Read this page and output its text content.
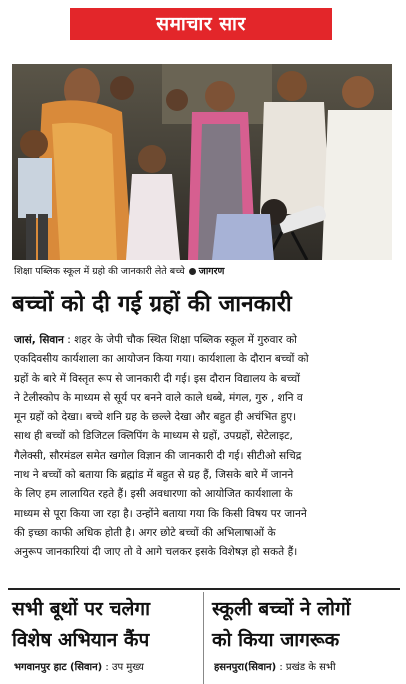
समाचार सार
शिक्षा पब्लिक स्कूल में ग्रहो की जानकारी लेते बच्चे जागरण
बच्चों को दी गई ग्रहों की जानकारी
जासं, सिवान : शहर के जेपी चौक स्थित शिक्षा पब्लिक स्कूल में गुरुवार को
एकदिवसीय कार्यशाला का आयोजन किया गया। कार्यशाला के दौरान बच्चों को
ग्रहों के बारे में विस्तृत रूप से जानकारी दी गई। इस दौरान विद्यालय के बच्चों
ने टेलीस्कोप के माध्यम से सूर्य पर बनने वाले काले धब्बे, मंगल, गुरु , शनि व
मून ग्रहों को देखा। बच्चे शनि ग्रह के छल्ले देखा और बहुत ही अचंभित हुए।
साथ ही बच्चों को डिजिटल क्लिपिंग के माध्यम से ग्रहों, उपग्रहों, सेटेलाइट,
गैलेक्सी, सौरमंडल समेत खगोल विज्ञान की जानकारी दी गई। सीटीओ सचिद्र
नाथ ने बच्चों को बताया कि ब्रह्मांड में बहुत से ग्रह हैं, जिसके बारे में जानने
के लिए हम लालायित रहते हैं। इसी अवधारणा को आयोजित कार्यशाला के
माध्यम से पूरा किया जा रहा है। उन्होंने बताया गया कि किसी विषय पर जानने
की इच्छा काफी अधिक होती है। अगर छोटे बच्चों की अभिलाषाओं के
अनुरूप जानकारियां दी जाए तो वे आगे चलकर इसके विशेषज्ञ हो सकते हैं।
सभी बूथों पर चलेगा
विशेष अभियान कैंप
भगवानपुर हाट (सिवान) : उप मुख्य
स्कूली बच्चों ने लोगों
को किया जागरूक
हसनपुरा(सिवान) : प्रखंड के सभी
